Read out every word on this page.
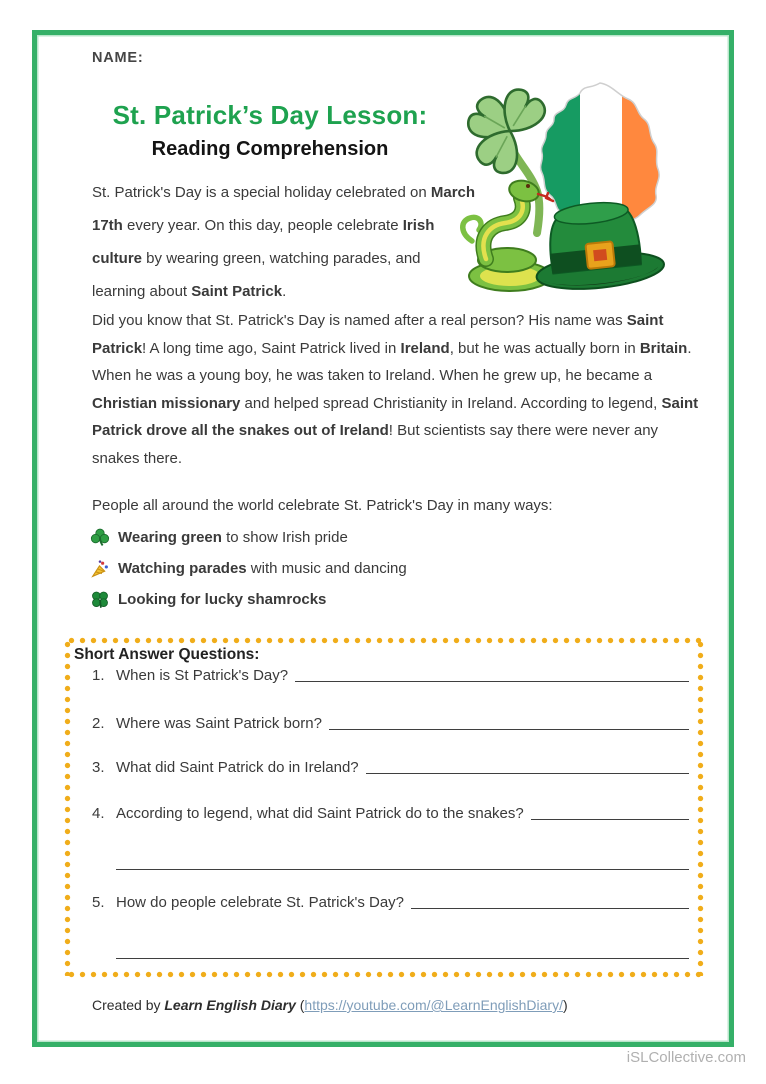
NAME:
St. Patrick’s Day Lesson:
Reading Comprehension

St. Patrick's Day is a special holiday celebrated on March 17th every year. On this day, people celebrate Irish culture by wearing green, watching parades, and learning about Saint Patrick.

Did you know that St. Patrick's Day is named after a real person? His name was Saint Patrick! A long time ago, Saint Patrick lived in Ireland, but he was actually born in Britain. When he was a young boy, he was taken to Ireland. When he grew up, he became a Christian missionary and helped spread Christianity in Ireland. According to legend, Saint Patrick drove all the snakes out of Ireland! But scientists say there were never any snakes there.

People all around the world celebrate St. Patrick's Day in many ways:

Wearing green to show Irish pride
Watching parades with music and dancing
Looking for lucky shamrocks
Short Answer Questions:
1. When is St Patrick's Day?
2. Where was Saint Patrick born?
3. What did Saint Patrick do in Ireland?
4. According to legend, what did Saint Patrick do to the snakes?
5. How do people celebrate St. Patrick's Day?
Created by Learn English Diary (https://youtube.com/@LearnEnglishDiary/)
iSLCollective.com
